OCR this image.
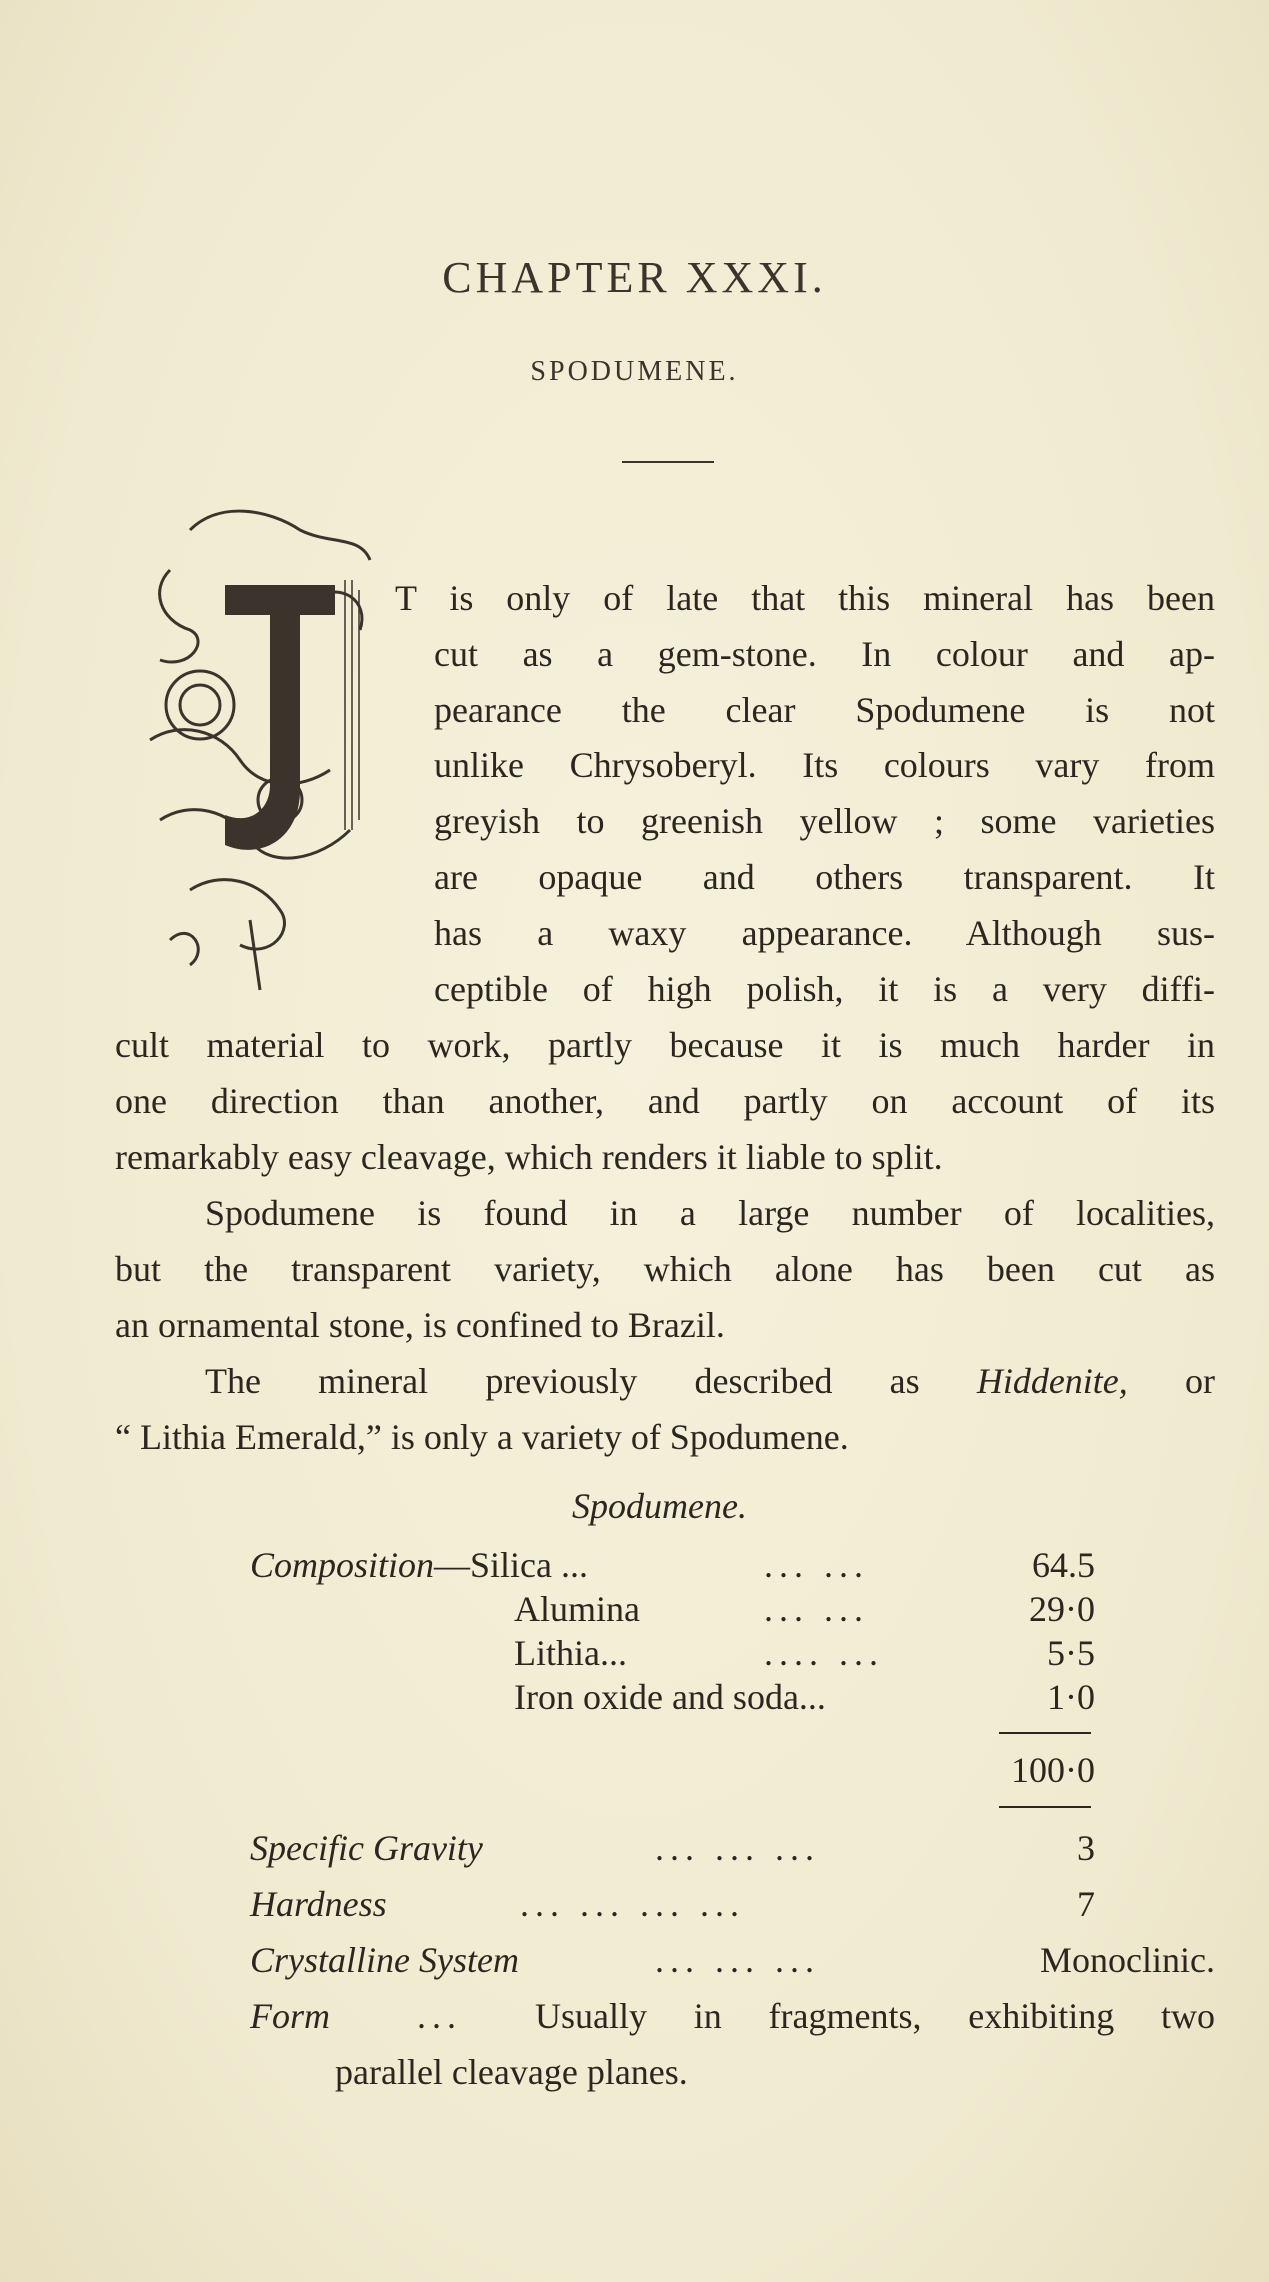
CHAPTER XXXI.
SPODUMENE.
T is only of late that this mineral has been
cut as a gem-stone. In colour and ap-
pearance the clear Spodumene is not
unlike Chrysoberyl. Its colours vary from
greyish to greenish yellow ; some varieties
are opaque and others transparent. It
has a waxy appearance. Although sus-
ceptible of high polish, it is a very diffi-
cult material to work, partly because it is much harder in
one direction than another, and partly on account of its
remarkably easy cleavage, which renders it liable to split.
Spodumene is found in a large number of localities,
but the transparent variety, which alone has been cut as
an ornamental stone, is confined to Brazil.
The mineral previously described as Hiddenite, or
“ Lithia Emerald,” is only a variety of Spodumene.
Spodumene.
Composition—Silica ...	... ...	64.5
Alumina	... ...	29·0
Lithia...	.... ...	5·5
Iron oxide and soda...	1·0
100·0
Specific Gravity	... ... ...	3
Hardness	... ... ... ...	7
Crystalline System	... ... ...	Monoclinic.
Form ... Usually in fragments, exhibiting two
parallel cleavage planes.
